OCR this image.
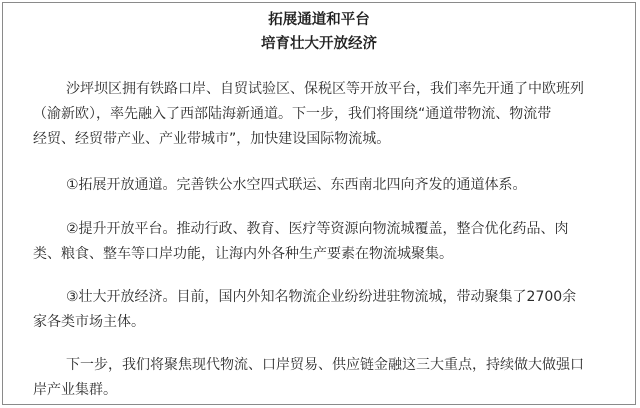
拓展通道和平台
培育壮大开放经济
沙坪坝区拥有铁路口岸、自贸试验区、保税区等开放平台，我们率先开通了中欧班列
（渝新欧），率先融入了西部陆海新通道。下一步，我们将围绕“通道带物流、物流带
经贸、经贸带产业、产业带城市”，加快建设国际物流城。
①拓展开放通道。完善铁公水空四式联运、东西南北四向齐发的通道体系。
②提升开放平台。推动行政、教育、医疗等资源向物流城覆盖，整合优化药品、肉
类、粮食、整车等口岸功能，让海内外各种生产要素在物流城聚集。
③壮大开放经济。目前，国内外知名物流企业纷纷进驻物流城，带动聚集了2700余
家各类市场主体。
下一步，我们将聚焦现代物流、口岸贸易、供应链金融这三大重点，持续做大做强口
岸产业集群。
